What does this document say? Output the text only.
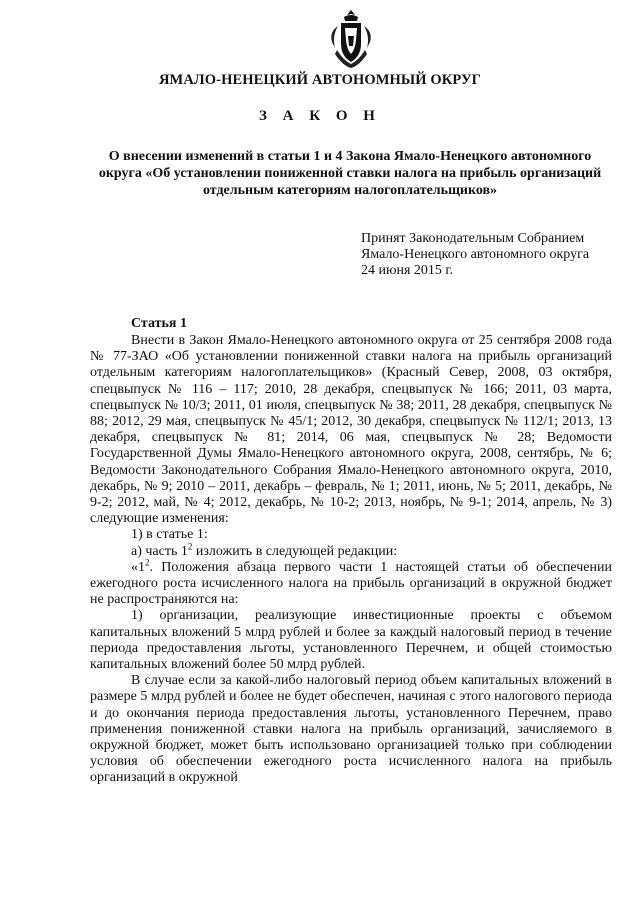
ЯМАЛО-НЕНЕЦКИЙ АВТОНОМНЫЙ ОКРУГ
З А К О Н
О внесении изменений в статьи 1 и 4 Закона Ямало-Ненецкого автономного округа «Об установлении пониженной ставки налога на прибыль организаций отдельным категориям налогоплательщиков»
Принят Законодательным Собранием
Ямало-Ненецкого автономного округа
24 июня 2015 г.
Статья 1

Внести в Закон Ямало-Ненецкого автономного округа от 25 сентября 2008 года № 77-ЗАО «Об установлении пониженной ставки налога на прибыль организаций отдельным категориям налогоплательщиков» (Красный Север, 2008, 03 октября, спецвыпуск № 116 – 117; 2010, 28 декабря, спецвыпуск № 166; 2011, 03 марта, спецвыпуск № 10/3; 2011, 01 июля, спецвыпуск № 38; 2011, 28 декабря, спецвыпуск № 88; 2012, 29 мая, спецвыпуск № 45/1; 2012, 30 декабря, спецвыпуск № 112/1; 2013, 13 декабря, спецвыпуск № 81; 2014, 06 мая, спецвыпуск № 28; Ведомости Государственной Думы Ямало-Ненецкого автономного округа, 2008, сентябрь, № 6; Ведомости Законодательного Собрания Ямало-Ненецкого автономного округа, 2010, декабрь, № 9; 2010 – 2011, декабрь – февраль, № 1; 2011, июнь, № 5; 2011, декабрь, № 9-2; 2012, май, № 4; 2012, декабрь, № 10-2; 2013, ноябрь, № 9-1; 2014, апрель, № 3) следующие изменения:

1) в статье 1:

а) часть $1^2$ изложить в следующей редакции:

«$1^2$. Положения абзаца первого части 1 настоящей статьи об обеспечении ежегодного роста исчисленного налога на прибыль организаций в окружной бюджет не распространяются на:

1) организации, реализующие инвестиционные проекты с объемом капитальных вложений 5 млрд рублей и более за каждый налоговый период в течение периода предоставления льготы, установленного Перечнем, и общей стоимостью капитальных вложений более 50 млрд рублей.

В случае если за какой-либо налоговый период объем капитальных вложений в размере 5 млрд рублей и более не будет обеспечен, начиная с этого налогового периода и до окончания периода предоставления льготы, установленного Перечнем, право применения пониженной ставки налога на прибыль организаций, зачисляемого в окружной бюджет, может быть использовано организацией только при соблюдении условия об обеспечении ежегодного роста исчисленного налога на прибыль организаций в окружной
